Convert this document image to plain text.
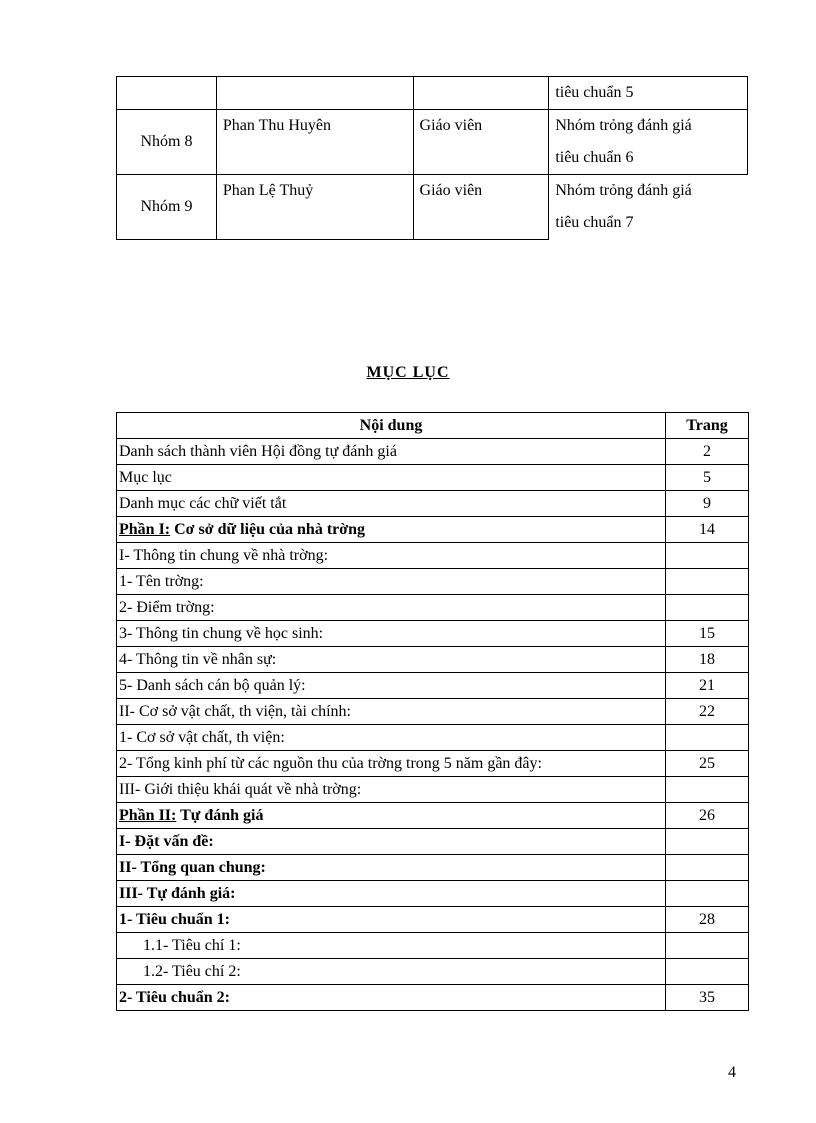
			tiêu chuẩn 5
Nhóm 8	Phan Thu Huyên	Giáo viên	Nhóm trỏng đánh giá
tiêu chuẩn 6

Nhóm 9	Phan Lệ Thuỷ	Giáo viên	Nhóm trỏng đánh giá
tiêu chuẩn 7
MỤC LỤC
Nội dung	Trang
Danh sách thành viên Hội đồng tự đánh giá	2
Mục lục	5
Danh mục các chữ viết tắt	9
Phần I: Cơ sở dữ liệu của nhà trờng	14
I- Thông tin chung về nhà trờng:	
1- Tên trờng:	
2- Điểm trờng:	
3- Thông tin chung về học sinh:	15
4- Thông tin về nhân sự:	18
5- Danh sách cán bộ quản lý:	21
II- Cơ sở vật chất, th viện, tài chính:	22
1- Cơ sở vật chất, th viện:	
2- Tổng kinh phí từ các nguồn thu của trờng trong 5 năm gần đây:	25
III- Giới thiệu khái quát về nhà trờng:	
Phần II: Tự đánh giá	26
I- Đặt vấn đề:	
II- Tổng quan chung:	
III- Tự đánh giá:	
1- Tiêu chuẩn 1:	28
1.1- Tiêu chí 1:	
1.2- Tiêu chí 2:	
2- Tiêu chuẩn 2:	35
4
